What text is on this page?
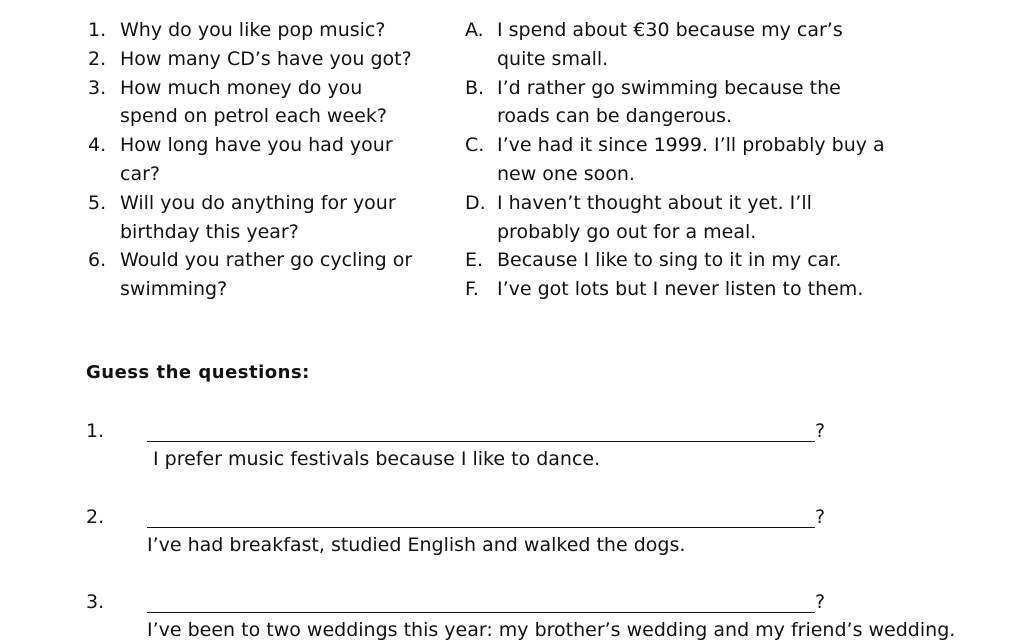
1. Why do you like pop music?
2. How many CD’s have you got?
3. How much money do you spend on petrol each week?
4. How long have you had your car?
5. Will you do anything for your birthday this year?
6. Would you rather go cycling or swimming?
A. I spend about €30 because my car’s quite small.
B. I’d rather go swimming because the roads can be dangerous.
C. I’ve had it since 1999. I’ll probably buy a new one soon.
D. I haven’t thought about it yet. I’ll probably go out for a meal.
E. Because I like to sing to it in my car.
F. I’ve got lots but I never listen to them.
Guess the questions:
1.	?
I prefer music festivals because I like to dance.
2.	?
I’ve had breakfast, studied English and walked the dogs.
3.	?
I’ve been to two weddings this year: my brother’s wedding and my friend’s wedding.
